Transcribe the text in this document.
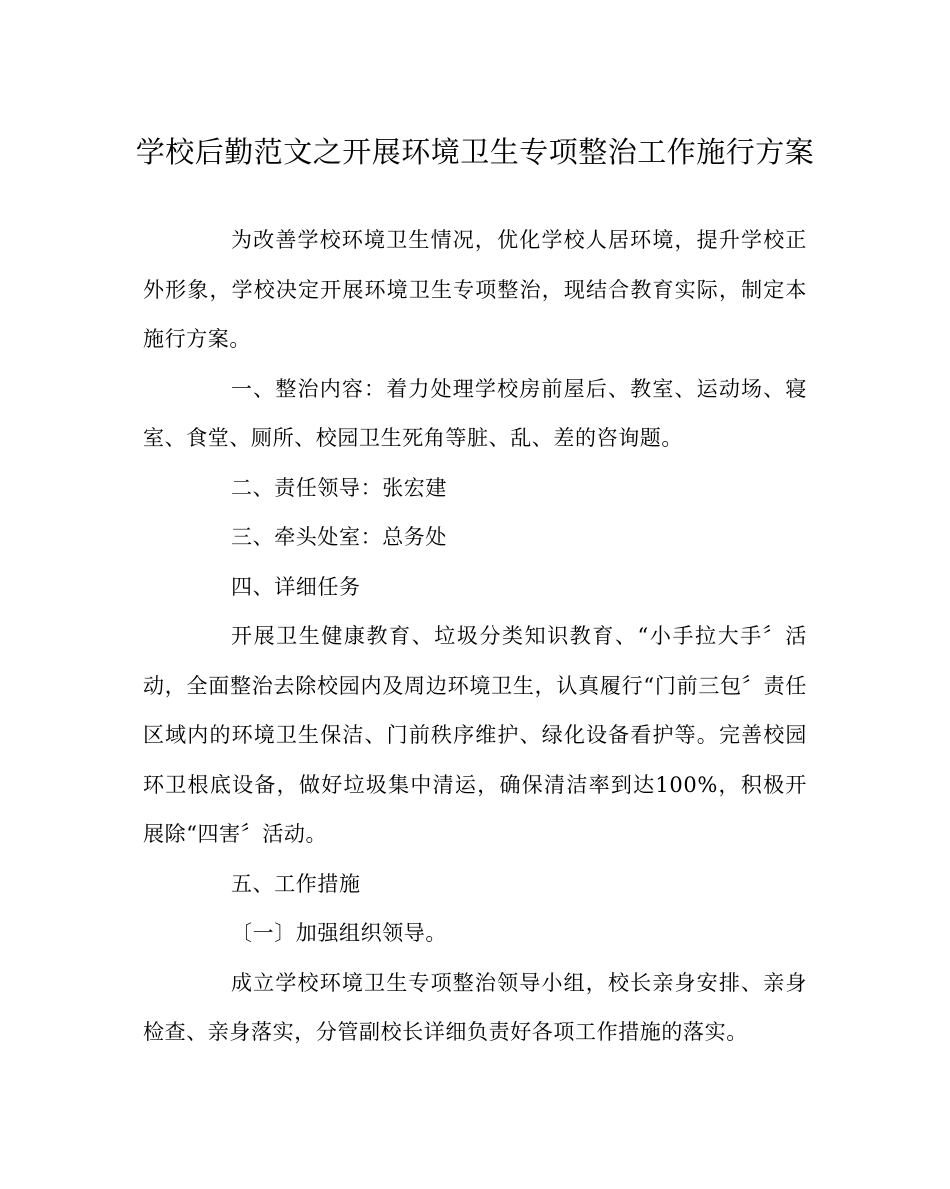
学校后勤范文之开展环境卫生专项整治工作施行方案

为改善学校环境卫生情况，优化学校人居环境，提升学校正外形象，学校决定开展环境卫生专项整治，现结合教育实际，制定本施行方案。

一、整治内容：着力处理学校房前屋后、教室、运动场、寝室、食堂、厕所、校园卫生死角等脏、乱、差的咨询题。

二、责任领导：张宏建

三、牵头处室：总务处

四、详细任务

开展卫生健康教育、垃圾分类知识教育、“小手拉大手〞活动，全面整治去除校园内及周边环境卫生，认真履行“门前三包〞责任区域内的环境卫生保洁、门前秩序维护、绿化设备看护等。完善校园环卫根底设备，做好垃圾集中清运，确保清洁率到达100%，积极开展除“四害〞活动。

五、工作措施

〔一〕加强组织领导。

成立学校环境卫生专项整治领导小组，校长亲身安排、亲身检查、亲身落实，分管副校长详细负责好各项工作措施的落实。
